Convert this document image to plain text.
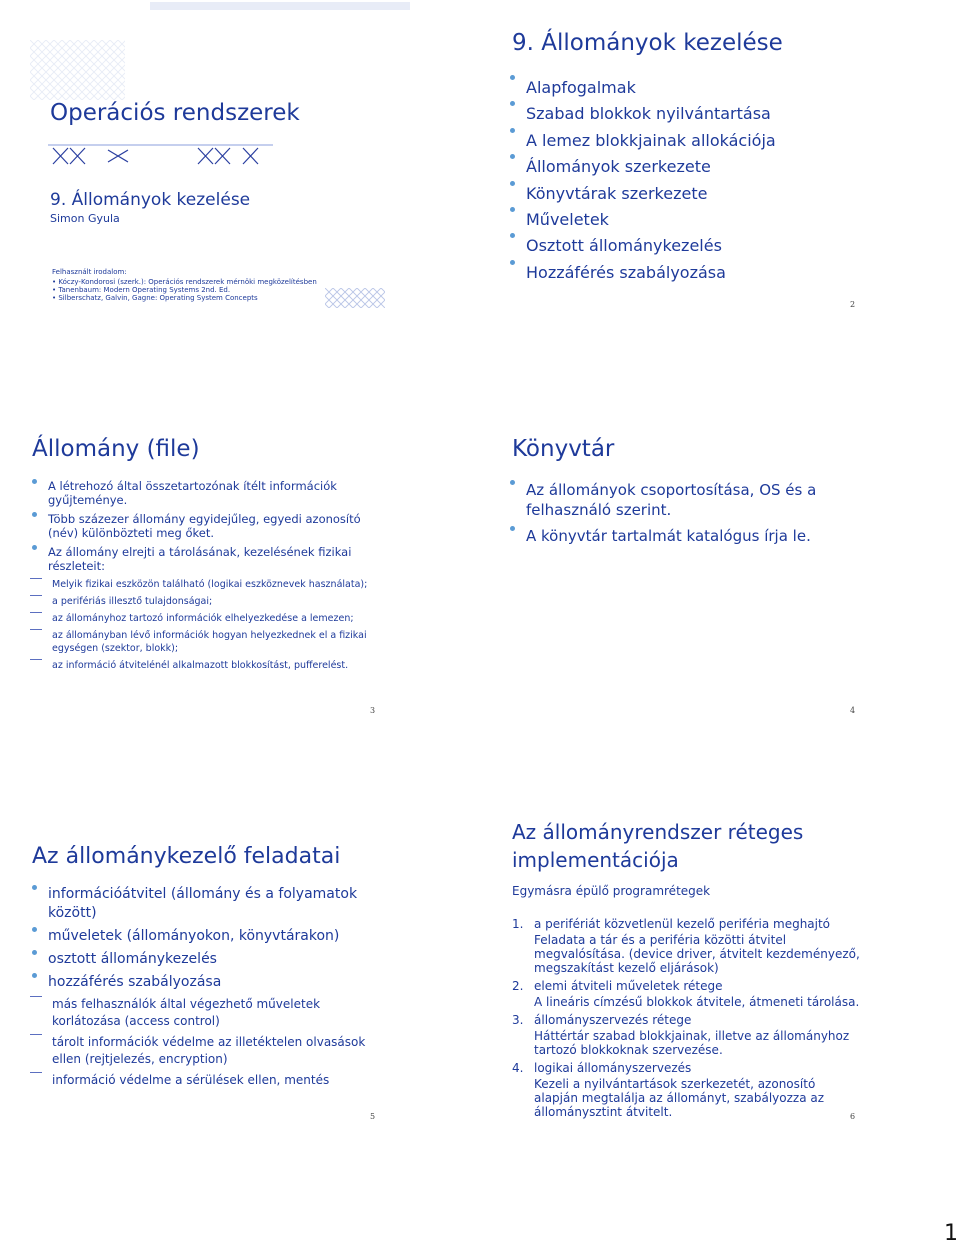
Operációs rendszerek
9. Állományok kezelése
Simon Gyula
Felhasznált irodalom:
• Kóczy-Kondorosi (szerk.): Operációs rendszerek mérnöki megközelítésben
• Tanenbaum: Modern Operating Systems 2nd. Ed.
• Silberschatz, Galvin, Gagne: Operating System Concepts
9. Állományok kezelése
Alapfogalmak
Szabad blokkok nyilvántartása
A lemez blokkjainak allokációja
Állományok szerkezete
Könyvtárak szerkezete
Műveletek
Osztott állománykezelés
Hozzáférés szabályozása
2
Állomány (file)
A létrehozó által összetartozónak ítélt információk gyűjteménye.
Több százezer állomány egyidejűleg, egyedi azonosító (név) különbözteti meg őket.
Az állomány elrejti a tárolásának, kezelésének fizikai részleteit:
Melyik fizikai eszközön található (logikai eszköznevek használata);
a perifériás illesztő tulajdonságai;
az állományhoz tartozó információk elhelyezkedése a lemezen;
az állományban lévő információk hogyan helyezkednek el a fizikai egységen (szektor, blokk);
az információ átvitelénél alkalmazott blokkosítást, pufferelést.
3
Könyvtár
Az állományok csoportosítása, OS és a felhasználó szerint.
A könyvtár tartalmát katalógus írja le.
4
Az állománykezelő feladatai
információátvitel (állomány és a folyamatok között)
műveletek (állományokon, könyvtárakon)
osztott állománykezelés
hozzáférés szabályozása
más felhasználók által végezhető műveletek korlátozása (access control)
tárolt információk védelme az illetéktelen olvasások ellen (rejtjelezés, encryption)
információ védelme a sérülések ellen, mentés
5
Az állományrendszer réteges implementációja
Egymásra épülő programrétegek
1. a perifériát közvetlenül kezelő periféria meghajtó
Feladata a tár és a periféria közötti átvitel megvalósítása. (device driver, átvitelt kezdeményező, megszakítást kezelő eljárások)
2. elemi átviteli műveletek rétege
A lineáris címzésű blokkok átvitele, átmeneti tárolása.
3. állományszervezés rétege
Háttértár szabad blokkjainak, illetve az állományhoz tartozó blokkoknak szervezése.
4. logikai állományszervezés
Kezeli a nyilvántartások szerkezetét, azonosító alapján megtalálja az állományt, szabályozza az állománysztint átvitelt.	6
1
